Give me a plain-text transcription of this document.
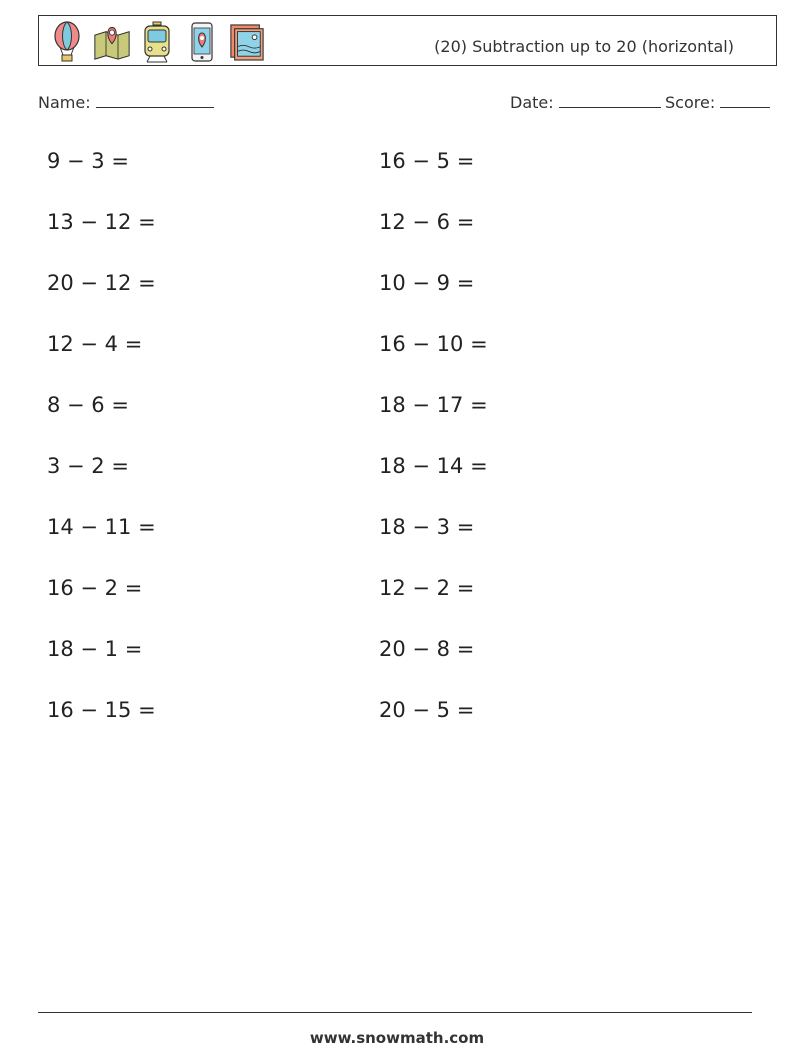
(20) Subtraction up to 20 (horizontal)
Name:	Date:	Score:
9 − 3 =
13 − 12 =
20 − 12 =
12 − 4 =
8 − 6 =
3 − 2 =
14 − 11 =
16 − 2 =
18 − 1 =
16 − 15 =
16 − 5 =
12 − 6 =
10 − 9 =
16 − 10 =
18 − 17 =
18 − 14 =
18 − 3 =
12 − 2 =
20 − 8 =
20 − 5 =
www.snowmath.com
